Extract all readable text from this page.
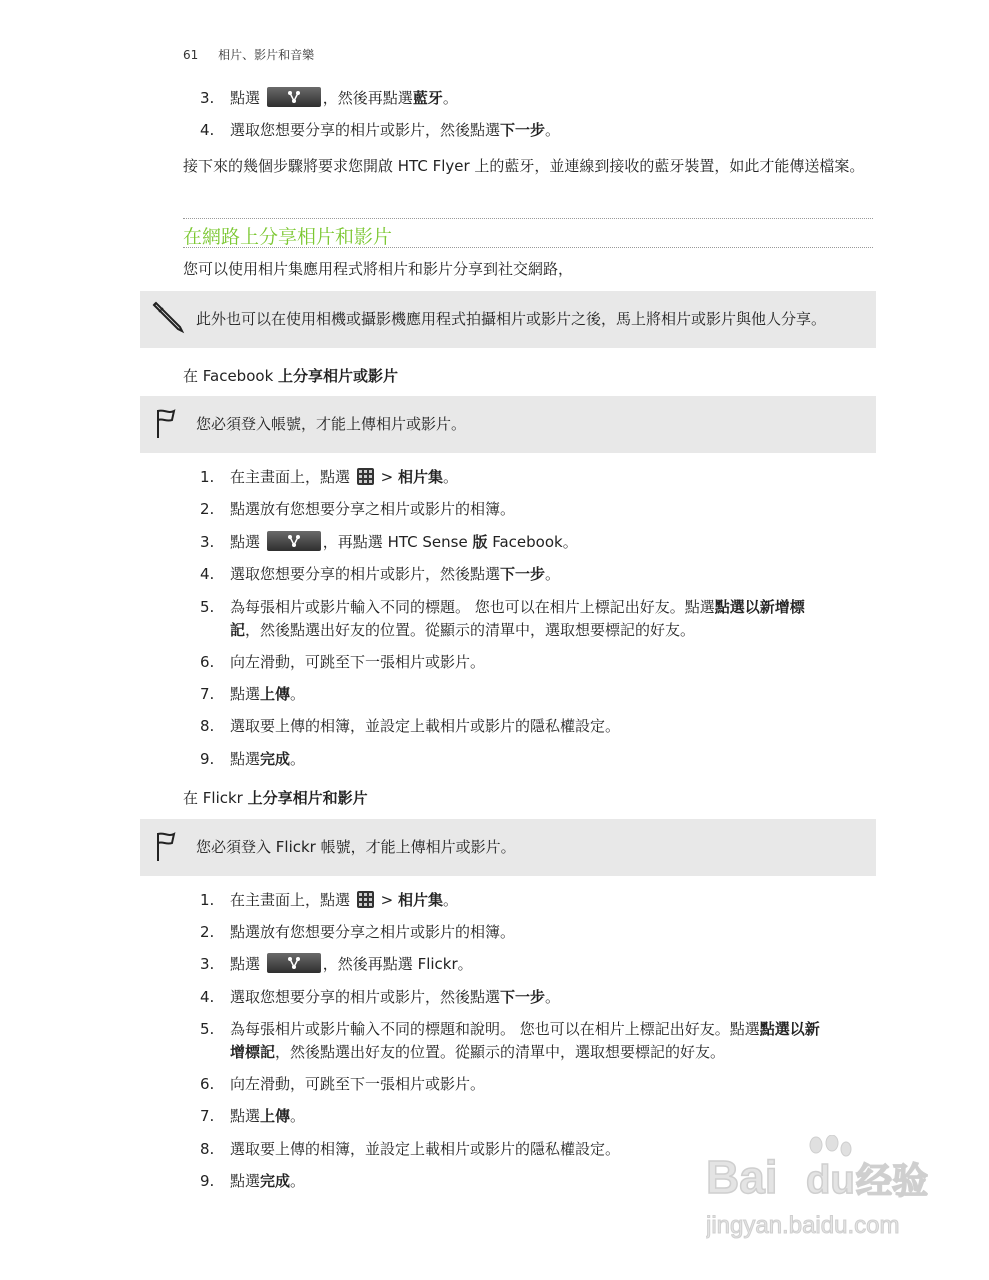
61 相片、影片和音樂
3. 點選	，然後再點選藍牙。
4. 選取您想要分享的相片或影片，然後點選下一步。
接下來的幾個步驟將要求您開啟 HTC Flyer 上的藍牙，並連線到接收的藍牙裝置，如此才能傳送檔案。
在網路上分享相片和影片
您可以使用相片集應用程式將相片和影片分享到社交網路，
此外也可以在使用相機或攝影機應用程式拍攝相片或影片之後，馬上將相片或影片與他人分享。
在 Facebook 上分享相片或影片
您必須登入帳號，才能上傳相片或影片。
1. 在主畫面上，點選 > 相片集。
2. 點選放有您想要分享之相片或影片的相簿。
3. 點選	，再點選 HTC Sense 版 Facebook。
4. 選取您想要分享的相片或影片，然後點選下一步。
5. 為每張相片或影片輸入不同的標題。 您也可以在相片上標記出好友。點選點選以新增標
記，然後點選出好友的位置。從顯示的清單中，選取想要標記的好友。
6. 向左滑動，可跳至下一張相片或影片。
7. 點選上傳。
8. 選取要上傳的相簿，並設定上載相片或影片的隱私權設定。
9. 點選完成。
在 Flickr 上分享相片和影片
您必須登入 Flickr 帳號，才能上傳相片或影片。
1. 在主畫面上，點選 > 相片集。
2. 點選放有您想要分享之相片或影片的相簿。
3. 點選	，然後再點選 Flickr。
4. 選取您想要分享的相片或影片，然後點選下一步。
5. 為每張相片或影片輸入不同的標題和說明。 您也可以在相片上標記出好友。點選點選以新
增標記，然後點選出好友的位置。從顯示的清單中，選取想要標記的好友。
6. 向左滑動，可跳至下一張相片或影片。
7. 點選上傳。
8. 選取要上傳的相簿，並設定上載相片或影片的隱私權設定。
9. 點選完成。	Bai du 经验
jingyan.baidu.com
